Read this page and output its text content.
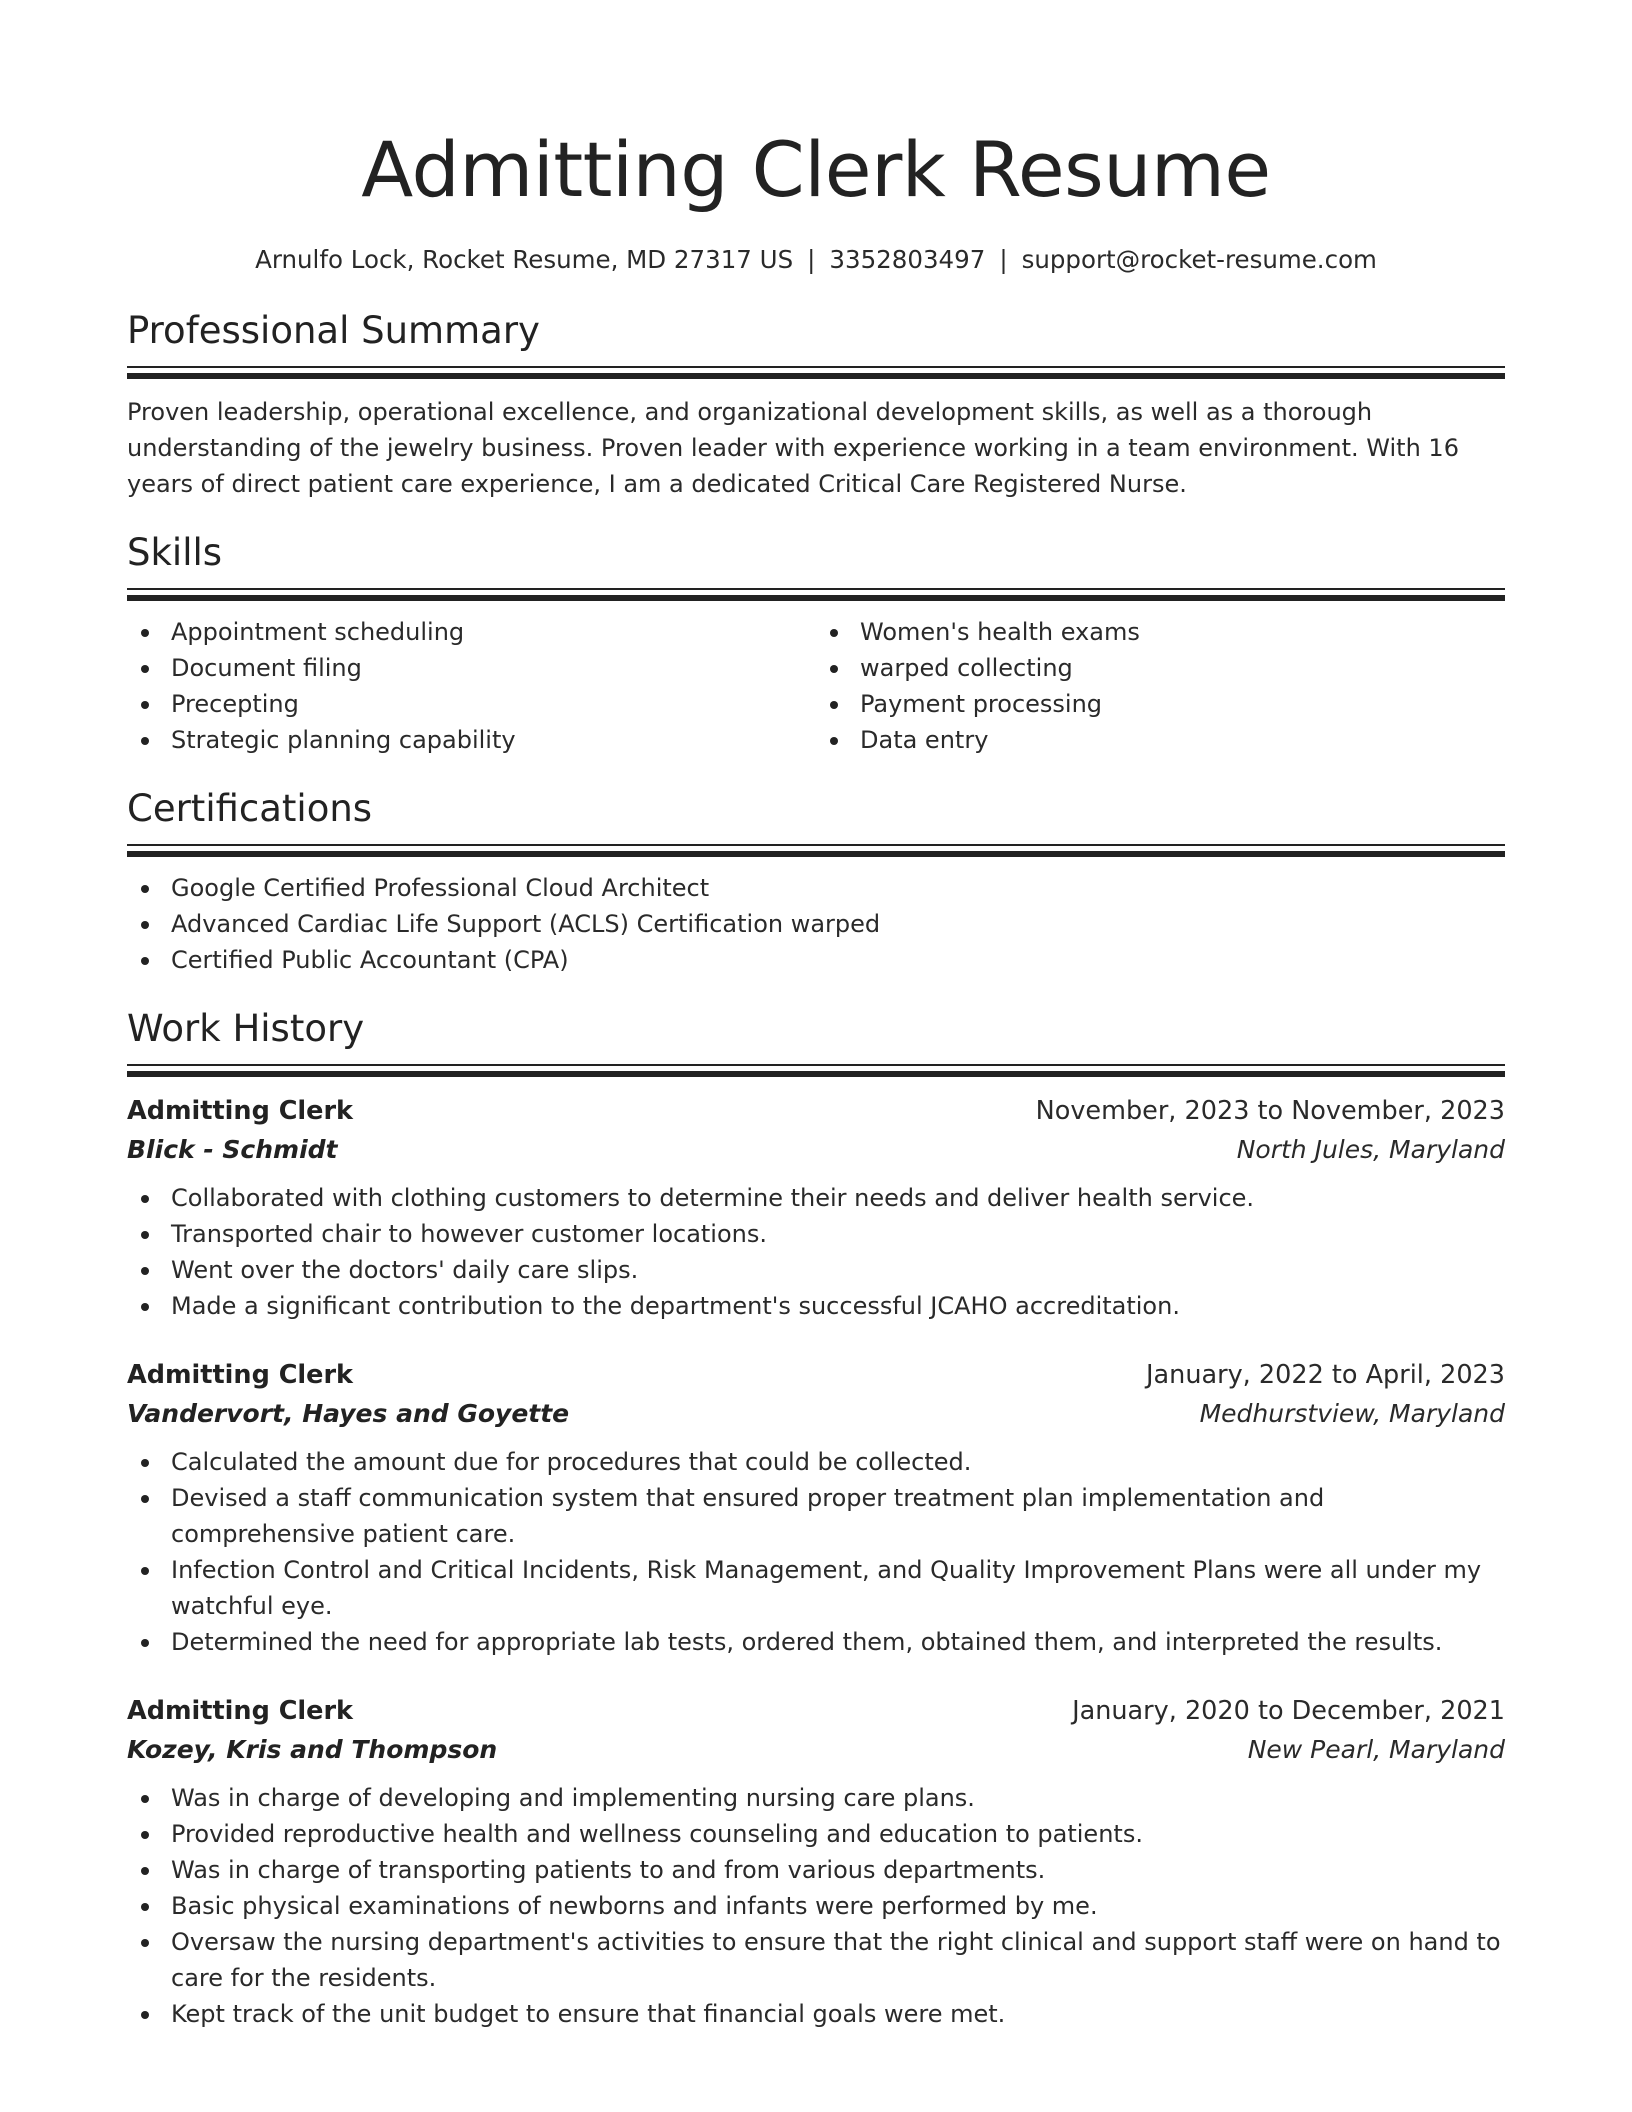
Admitting Clerk Resume
Arnulfo Lock, Rocket Resume, MD 27317 US | 3352803497 | support@rocket-resume.com
Professional Summary
Proven leadership, operational excellence, and organizational development skills, as well as a thorough understanding of the jewelry business. Proven leader with experience working in a team environment. With 16 years of direct patient care experience, I am a dedicated Critical Care Registered Nurse.
Skills
Appointment scheduling
Document filing
Precepting
Strategic planning capability
Women's health exams
warped collecting
Payment processing
Data entry
Certifications
Google Certified Professional Cloud Architect
Advanced Cardiac Life Support (ACLS) Certification warped
Certified Public Accountant (CPA)
Work History
Admitting Clerk	November, 2023 to November, 2023
Blick - Schmidt	North Jules, Maryland
Collaborated with clothing customers to determine their needs and deliver health service.
Transported chair to however customer locations.
Went over the doctors' daily care slips.
Made a significant contribution to the department's successful JCAHO accreditation.
Admitting Clerk	January, 2022 to April, 2023
Vandervort, Hayes and Goyette	Medhurstview, Maryland
Calculated the amount due for procedures that could be collected.
Devised a staff communication system that ensured proper treatment plan implementation and comprehensive patient care.
Infection Control and Critical Incidents, Risk Management, and Quality Improvement Plans were all under my watchful eye.
Determined the need for appropriate lab tests, ordered them, obtained them, and interpreted the results.
Admitting Clerk	January, 2020 to December, 2021
Kozey, Kris and Thompson	New Pearl, Maryland
Was in charge of developing and implementing nursing care plans.
Provided reproductive health and wellness counseling and education to patients.
Was in charge of transporting patients to and from various departments.
Basic physical examinations of newborns and infants were performed by me.
Oversaw the nursing department's activities to ensure that the right clinical and support staff were on hand to care for the residents.
Kept track of the unit budget to ensure that financial goals were met.
